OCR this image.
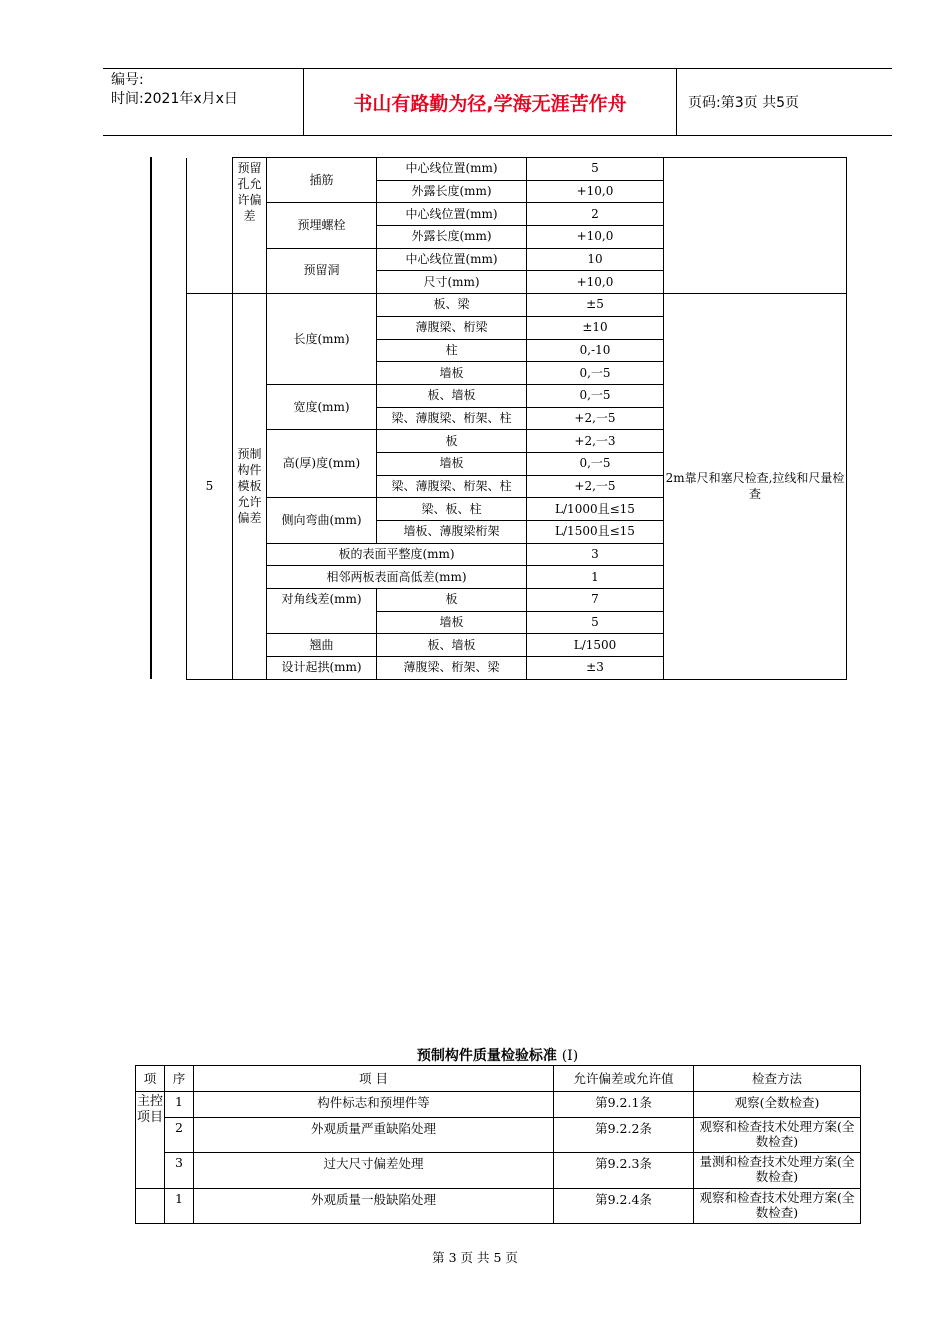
编号:
时间:2021年x月x日	书山有路勤为径,学海无涯苦作舟	页码:第3页 共5页
	预留孔允许偏差	插筋	中心线位置(mm)	5	
			外露长度(mm)	+10,0	
		预埋螺栓	中心线位置(mm)	2	
			外露长度(mm)	+10,0	
		预留洞	中心线位置(mm)	10	
			尺寸(mm)	+10,0	
5	预制构件模板允许偏差	长度(mm)	板、梁	±5	2m靠尺和塞尺检查,拉线和尺量检查
			薄腹梁、桁梁	±10	
			柱	0,-10	
			墙板	0,一5	
		宽度(mm)	板、墙板	0,一5	
			梁、薄腹梁、桁架、柱	+2,一5	
		高(厚)度(mm)	板	+2,一3	
			墙板	0,一5	
			梁、薄腹梁、桁架、柱	+2,一5	
		侧向弯曲(mm)	梁、板、柱	L/1000且≤15	
			墙板、薄腹梁桁架	L/1500且≤15	
		板的表面平整度(mm)		3	
		相邻两板表面高低差(mm)		1	
		对角线差(mm)	板	7	
			墙板	5	
		翘曲	板、墙板	L/1500	
		设计起拱(mm)	薄腹梁、桁架、梁	±3	
预制构件质量检验标准 (I)
项	序	项 目	允许偏差或允许值	检查方法
主控项目	1	构件标志和预埋件等	第9.2.1条	观察(全数检查)
	2	外观质量严重缺陷处理	第9.2.2条	观察和检查技术处理方案(全数检查)
	3	过大尺寸偏差处理	第9.2.3条	量测和检查技术处理方案(全数检查)
	1	外观质量一般缺陷处理	第9.2.4条	观察和检查技术处理方案(全数检查)
第 3 页 共 5 页
